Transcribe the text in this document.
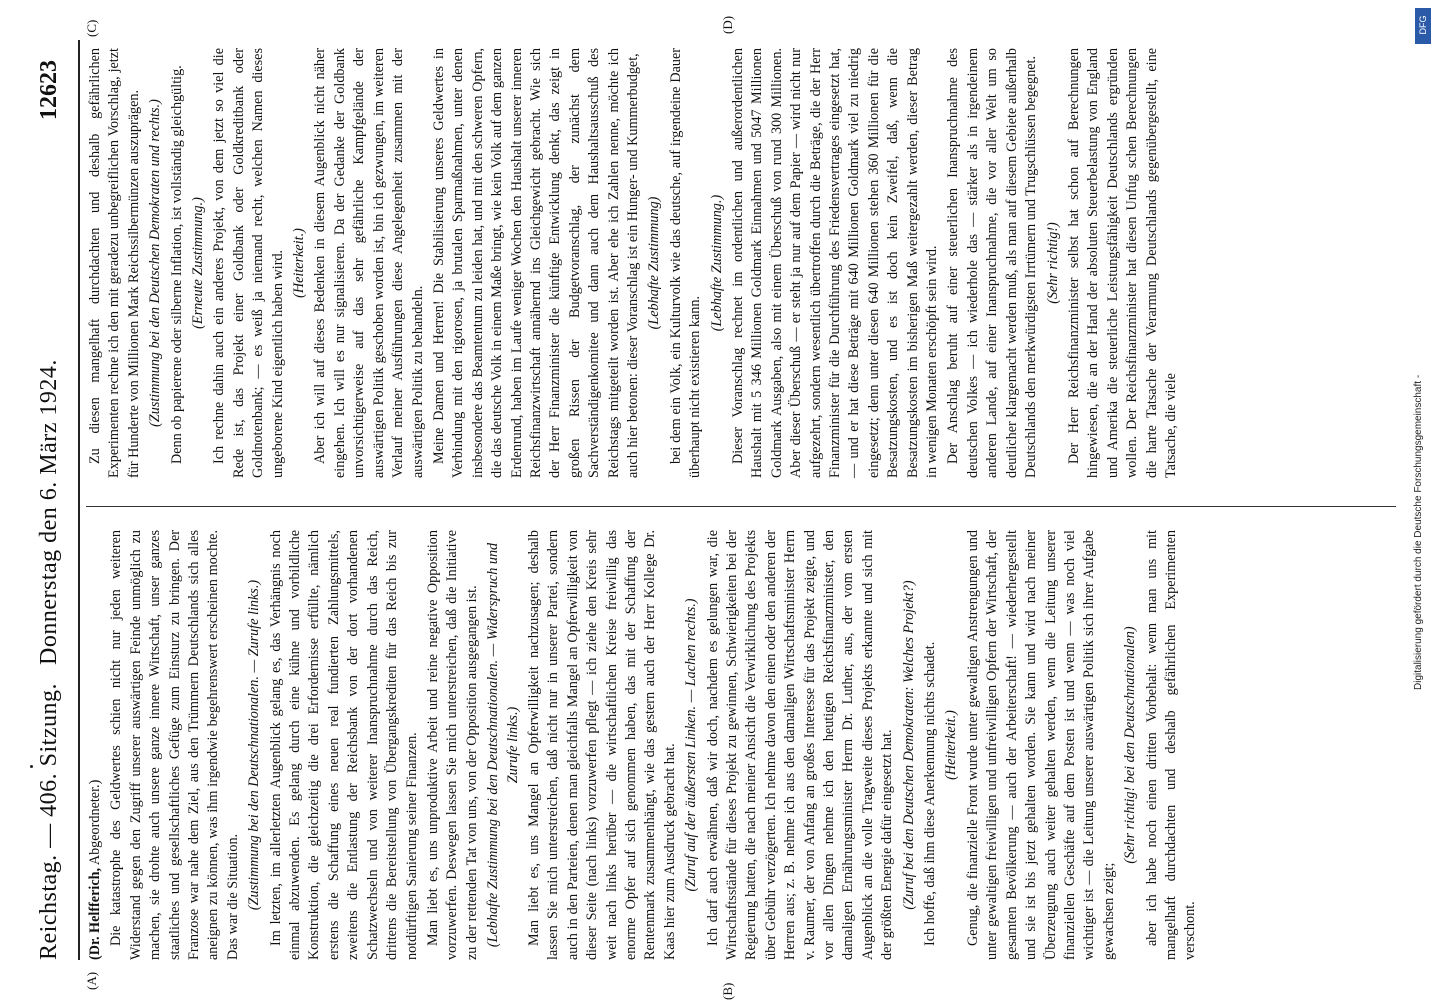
Reichstag. — 406. Sitzung.
Donnerstag den 6. März 1924.
12623
(A)
(B)
(C)	(D)

(Dr. Helfferich, Abgeordneter.) Die katastrophe des Geldwertes schien nicht nur jeden weiteren Widerstand gegen den Zugriff unserer auswärtigen Feinde unmöglich zu machen, sie drohte auch unsere ganze innere Wirtschaft, unser ganzes staatliches und gesellschaftliches Gefüge zum Einsturz zu bringen. Der Franzose war nahe dem Ziel, aus den Trümmern Deutschlands sich alles aneignen zu können, was ihm irgendwie begehrenswert erscheinen mochte. Das war die Situation. (Zustimmung bei den Deutschnationalen. — Zurufe links.) Im letzten, im allerletzten Augenblick gelang es, das Verhängnis noch einmal abzuwenden. Es gelang durch eine kühne und vorbildliche Konstruktion, die gleichzeitig die drei Erfordernisse erfüllte, nämlich erstens die Schaffung eines neuen real fundierten Zahlungsmittels, zweitens die Entlastung der Reichsbank von der dort vorhandenen Schatzwechseln und von weiterer Inanspruchnahme durch das Reich, drittens die Bereitstellung von Übergangskrediten für das Reich bis zur notdürftigen Sanierung seiner Finanzen. Man liebt es, uns unproduktive Arbeit und reine negative Opposition vorzuwerfen. Deswegen lassen Sie mich unterstreichen, daß die Initiative zu der rettenden Tat von uns, von der Opposition ausgegangen ist. (Lebhafte Zustimmung bei den Deutschnationalen. — Widerspruch und Zurufe links.) Man liebt es, uns Mangel an Opferwilligkeit nachzusagen; deshalb lassen Sie mich unterstreichen, daß nicht nur in unserer Partei, sondern auch in den Parteien, denen man gleichfalls Mangel an Opferwilligkeit von dieser Seite (nach links) vorzuwerfen pflegt — ich ziehe den Kreis sehr weit nach links herüber — die wirtschaftlichen Kreise freiwillig das enorme Opfer auf sich genommen haben, das mit der Schaffung der Rentenmark zusammenhängt, wie das gestern auch der Herr Kollege Dr. Kaas hier zum Ausdruck gebracht hat. (Zuruf auf der äußersten Linken. — Lachen rechts.) Ich darf auch erwähnen, daß wir doch, nachdem es gelungen war, die Wirtschaftsstände für dieses Projekt zu gewinnen, Schwierigkeiten bei der Regierung hatten, die nach meiner Ansicht die Verwirklichung des Projekts über Gebühr verzögerten. Ich nehme davon den einen oder den anderen der Herren aus; z. B. nehme ich aus den damaligen Wirtschaftsminister Herrn v. Raumer, der von Anfang an großes Interesse für das Projekt zeigte, und vor allen Dingen nehme ich den heutigen Reichsfinanzminister, den damaligen Ernährungsminister Herrn Dr. Luther, aus, der vom ersten Augenblick an die volle Tragweite dieses Projekts erkannte und sich mit der größten Energie dafür eingesetzt hat. (Zuruf bei den Deutschen Demokraten: Welches Projekt?) Ich hoffe, daß ihm diese Anerkennung nichts schadet. (Heiterkeit.) Genug, die finanzielle Front wurde unter gewaltigen Anstrengungen und unter gewaltigen freiwilligen und unfreiwilligen Opfern der Wirtschaft, der gesamten Bevölkerung — auch der Arbeiterschaft! — wiederhergestellt und sie ist bis jetzt gehalten worden. Sie kann und wird nach meiner Überzeugung auch weiter gehalten werden, wenn die Leitung unserer finanziellen Geschäfte auf dem Posten ist und wenn — was noch viel wichtiger ist — die Leitung unserer auswärtigen Politik sich ihrer Aufgabe gewachsen zeigt;

(Sehr richtig! bei den Deutschnationalen) aber ich habe noch einen dritten Vorbehalt: wenn man uns mit mangelhaft durchdachten und deshalb gefährlichen Experimenten verschont.

Zu diesen mangelhaft durchdachten und deshalb gefährlichen Experimenten rechne ich den mit geradezu unbegreiflichen Vorschlag, jetzt für Hunderte von Millionen Mark Reichssilbermünzen auszuprägen. (Zustimmung bei den Deutschen Demokraten und rechts.) Denn ob papierene oder silberne Inflation, ist vollständig gleichgültig. (Erneute Zustimmung.) Ich rechne dahin auch ein anderes Projekt, von dem jetzt so viel die Rede ist, das Projekt einer Goldbank oder Goldkreditbank oder Goldnotenbank; — es weiß ja niemand recht, welchen Namen dieses ungeborene Kind eigentlich haben wird. (Heiterkeit.) Aber ich will auf dieses Bedenken in diesem Augenblick nicht näher eingehen. Ich will es nur signalisieren. Da der Gedanke der Goldbank unvorsichtigerweise auf das sehr gefährliche Kampfgelände der auswärtigen Politik geschoben worden ist, bin ich gezwungen, im weiteren Verlauf meiner Ausführungen diese Angelegenheit zusammen mit der auswärtigen Politik zu behandeln. Meine Damen und Herren! Die Stabilisierung unseres Geldwertes in Verbindung mit den rigorosen, ja brutalen Sparmaßnahmen, unter denen insbesondere das Beamtentum zu leiden hat, und mit den schweren Opfern, die das deutsche Volk in einem Maße bringt, wie kein Volk auf dem ganzen Erdenrund, haben im Laufe weniger Wochen den Haushalt unserer inneren Reichsfinanzwirtschaft annähernd ins Gleichgewicht gebracht. Wie sich der Herr Finanzminister die künftige Entwicklung denkt, das zeigt in großen Rissen der Budgetvoranschlag, der zunächst dem Sachverständigenkomitee und dann auch dem Haushaltsausschuß des Reichstags mitgeteilt worden ist. Aber ehe ich Zahlen nenne, möchte ich auch hier betonen: dieser Voranschlag ist ein Hunger- und Kummerbudget, (Lebhafte Zustimmung) bei dem ein Volk, ein Kulturvolk wie das deutsche, auf irgendeine Dauer überhaupt nicht existieren kann.

(Lebhafte Zustimmung.) Dieser Voranschlag rechnet im ordentlichen und außerordentlichen Haushalt mit 5 346 Millionen Goldmark Einnahmen und 5047 Millionen Goldmark Ausgaben, also mit einem Überschuß von rund 300 Millionen. Aber dieser Überschuß — er steht ja nur auf dem Papier — wird nicht nur aufgezehrt, sondern wesentlich übertroffen durch die Beträge, die der Herr Finanzminister für die Durchführung des Friedensvertrages eingesetzt hat, — und er hat diese Beträge mit 640 Millionen Goldmark viel zu niedrig eingesetzt; denn unter diesen 640 Millionen stehen 360 Millionen für die Besatzungskosten, und es ist doch kein Zweifel, daß, wenn die Besatzungskosten im bisherigen Maß weitergezahlt werden, dieser Betrag in wenigen Monaten erschöpft sein wird. Der Anschlag beruht auf einer steuerlichen Inanspruchnahme des deutschen Volkes — ich wiederhole das — stärker als in irgendeinem anderen Lande, auf einer Inanspruchnahme, die vor aller Welt um so deutlicher klargemacht werden muß, als man auf diesem Gebiete außerhalb Deutschlands den merkwürdigsten Irrtümern und Trugschlüssen begegnet. (Sehr richtig!) Der Herr Reichsfinanzminister selbst hat schon auf Berechnungen hingewiesen, die an der Hand der absoluten Steuerbelastung von England und Amerika die steuerliche Leistungsfähigkeit Deutschlands ergründen wollen. Der Reichsfinanzminister hat diesen Unfug schen Berechnungen die harte Tatsache der Verarmung Deutschlands gegenübergestellt, eine Tatsache, die viele	Digitalisierung gefördert durch die Deutsche Forschungsgemeinschaft -
DFG
